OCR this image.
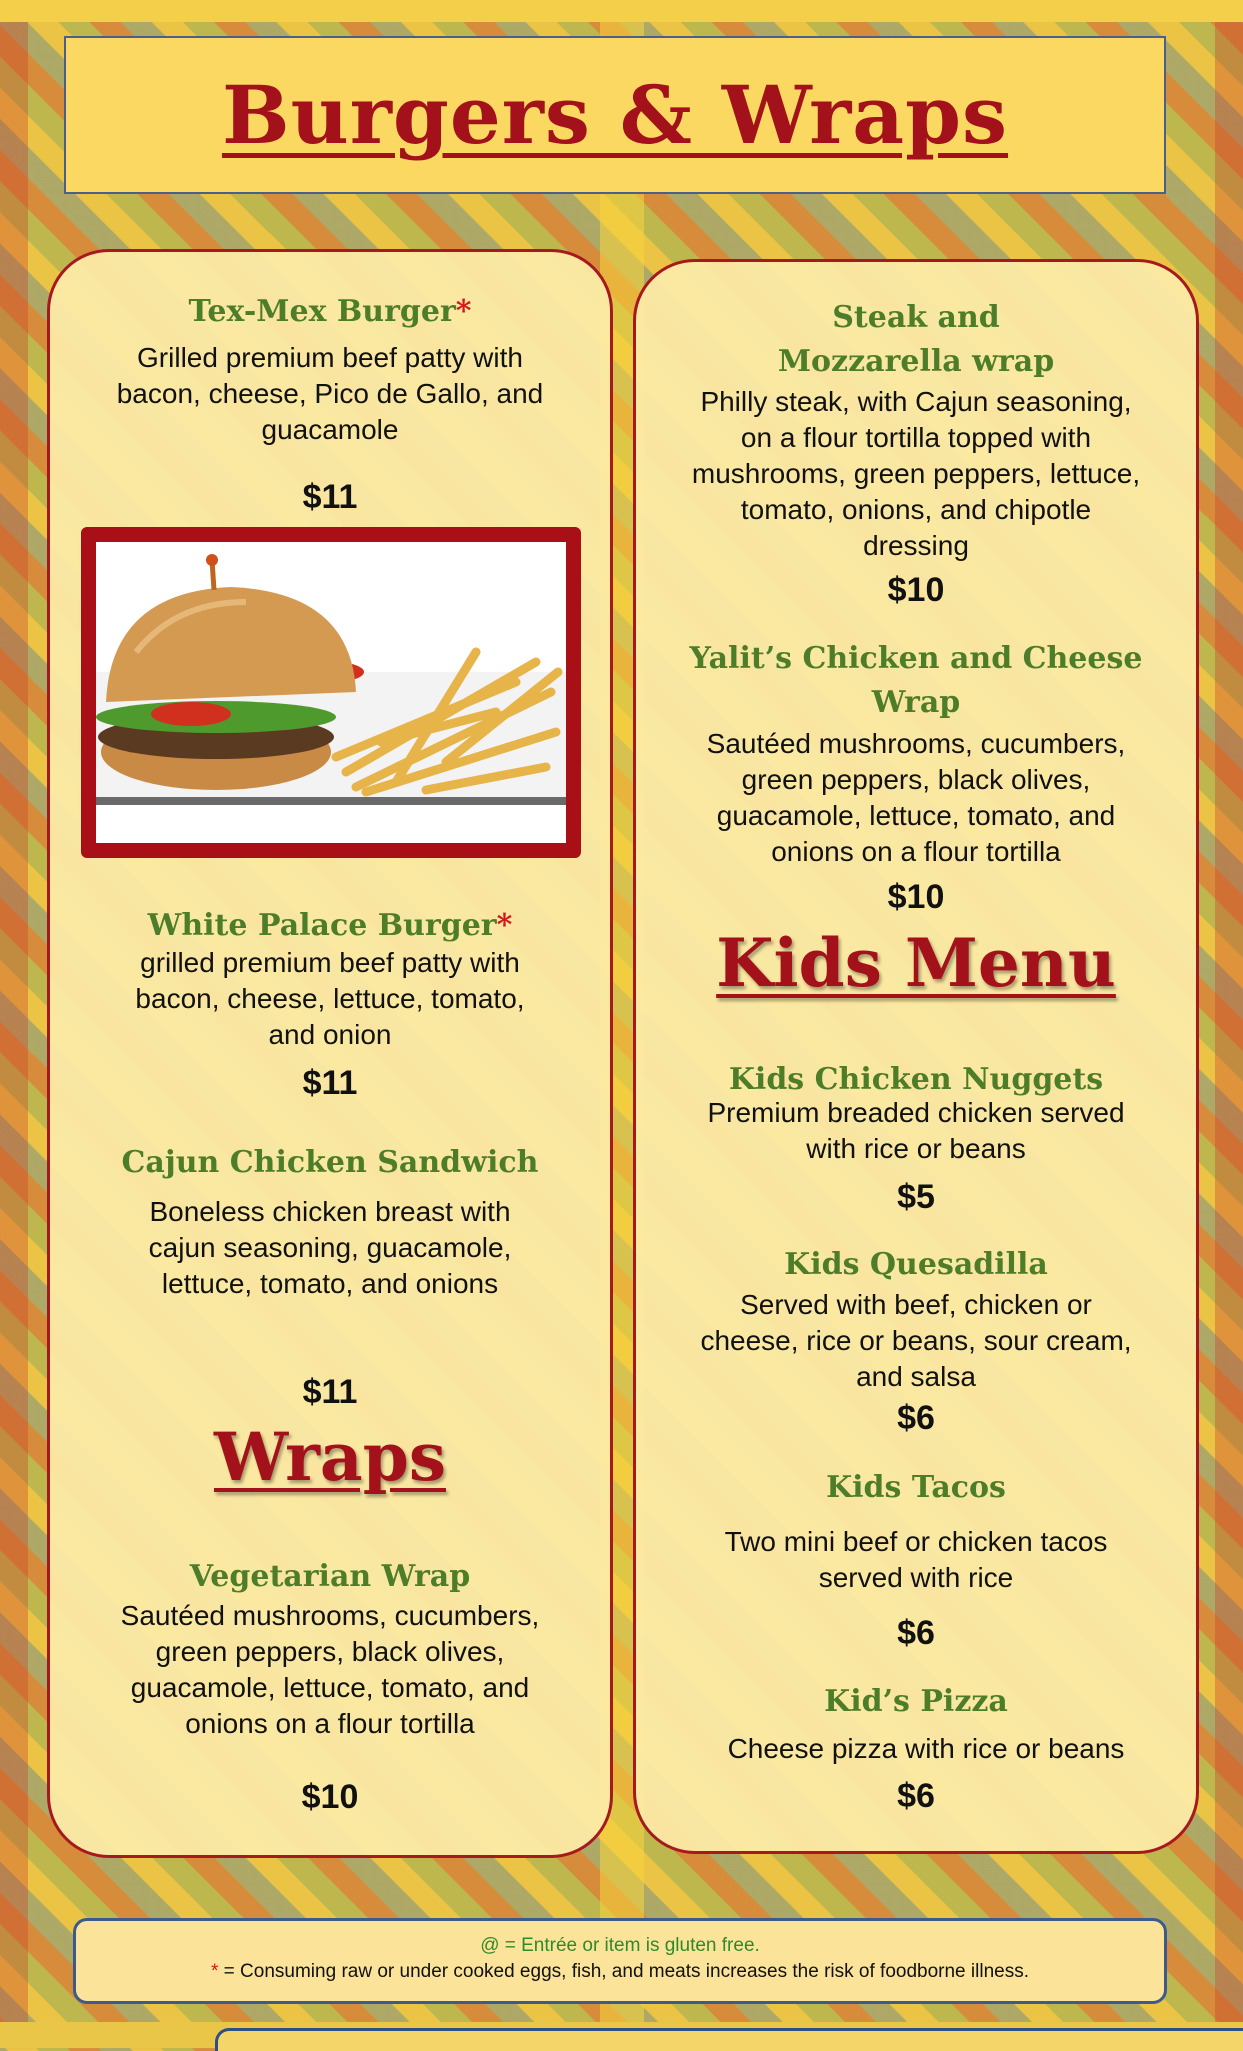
Burgers & Wraps
Tex-Mex Burger*
Grilled premium beef patty with
bacon, cheese, Pico de Gallo, and
guacamole
$11
White Palace Burger*
grilled premium beef patty with
bacon, cheese, lettuce, tomato,
and onion
$11
Cajun Chicken Sandwich
Boneless chicken breast with
cajun seasoning, guacamole,
lettuce, tomato, and onions
$11
Wraps
Vegetarian Wrap
Sautéed mushrooms, cucumbers,
green peppers, black olives,
guacamole, lettuce, tomato, and
onions on a flour tortilla
$10
Steak and
Mozzarella wrap
Philly steak, with Cajun seasoning,
on a flour tortilla topped with
mushrooms, green peppers, lettuce,
tomato, onions, and chipotle
dressing
$10
Yalit’s Chicken and Cheese
Wrap
Sautéed mushrooms, cucumbers,
green peppers, black olives,
guacamole, lettuce, tomato, and
onions on a flour tortilla
$10
Kids Menu
Kids Chicken Nuggets
Premium breaded chicken served
with rice or beans
$5
Kids Quesadilla
Served with beef, chicken or
cheese, rice or beans, sour cream,
and salsa
$6
Kids Tacos
Two mini beef or chicken tacos
served with rice
$6
Kid’s Pizza
Cheese pizza with rice or beans
$6
@ = Entrée or item is gluten free.
* = Consuming raw or under cooked eggs, fish, and meats increases the risk of foodborne illness.
